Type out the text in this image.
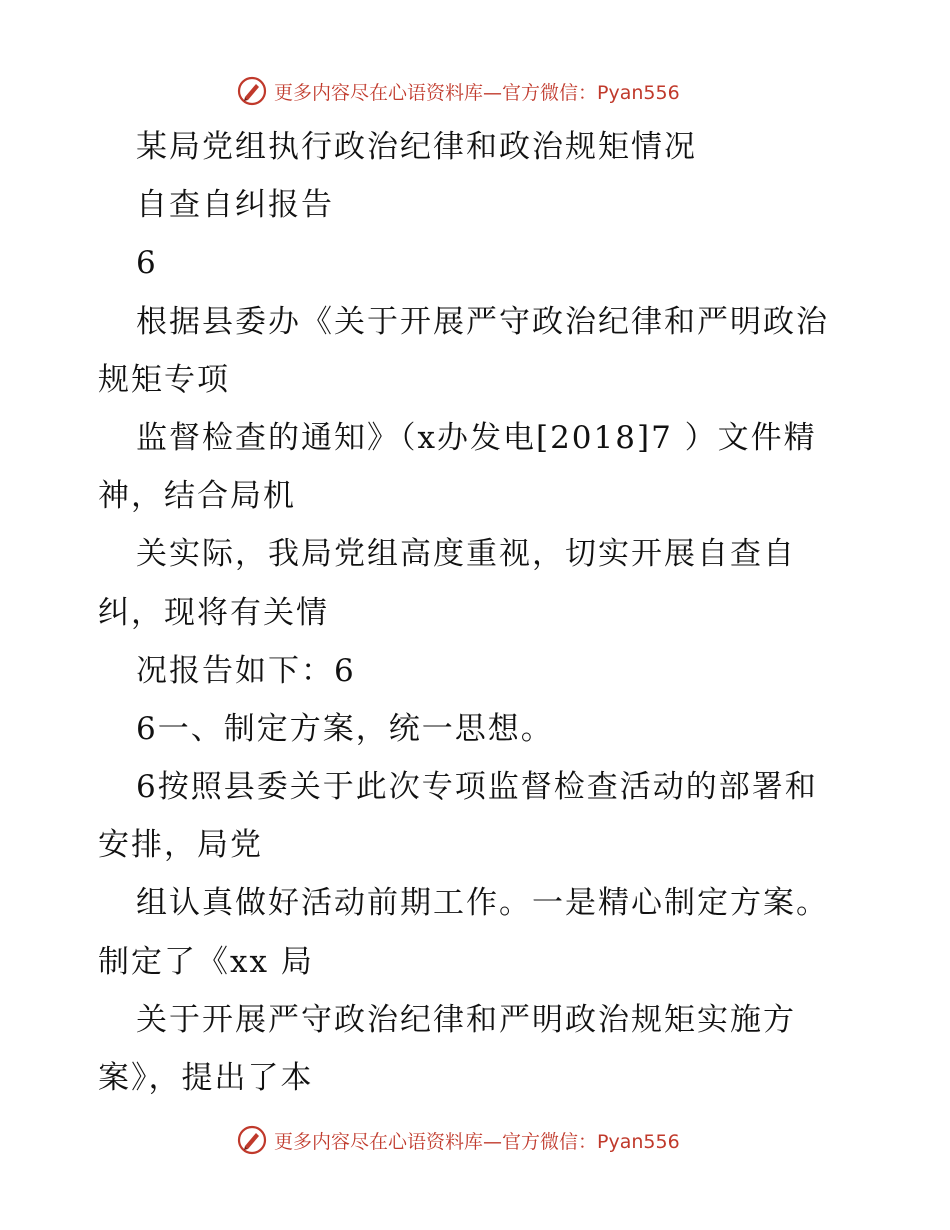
更多内容尽在心语资料库—官方微信：Pyan556
某局党组执行政治纪律和政治规矩情况
自查自纠报告
6
根据县委办《关于开展严守政治纪律和严明政治
规矩专项
监督检查的通知》（x办发电[2018]7 ）文件精
神，结合局机
关实际，我局党组高度重视，切实开展自查自
纠，现将有关情
况报告如下：6
6一、制定方案，统一思想。
6按照县委关于此次专项监督检查活动的部署和
安排，局党
组认真做好活动前期工作。一是精心制定方案。
制定了《xx 局
关于开展严守政治纪律和严明政治规矩实施方
案》，提出了本
更多内容尽在心语资料库—官方微信：Pyan556
